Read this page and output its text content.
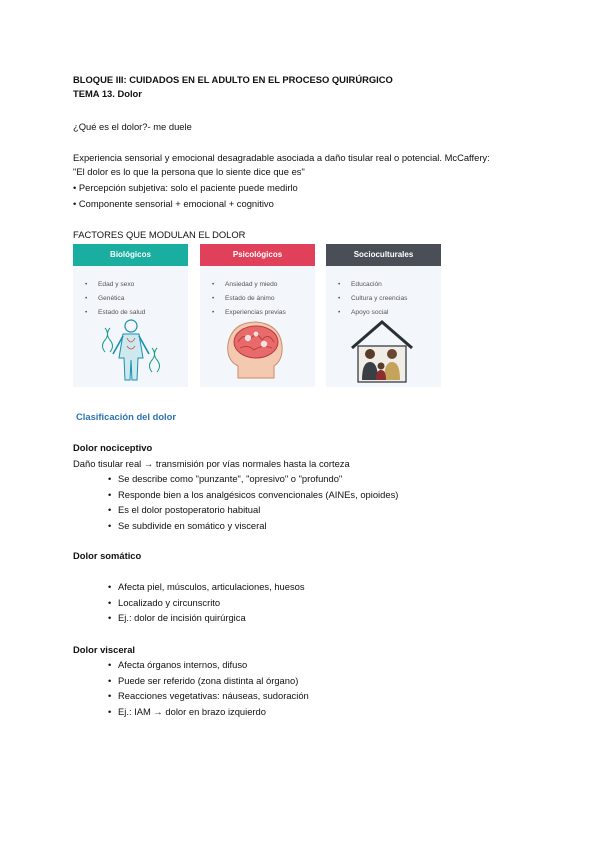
BLOQUE III: CUIDADOS EN EL ADULTO EN EL PROCESO QUIRÚRGICO
TEMA 13. Dolor
¿Qué es el dolor?- me duele
Experiencia sensorial y emocional desagradable asociada a daño tisular real o potencial. McCaffery:
"El dolor es lo que la persona que lo siente dice que es"
• Percepción subjetiva: solo el paciente puede medirlo
• Componente sensorial + emocional + cognitivo
FACTORES QUE MODULAN EL DOLOR
Biológicos
• Edad y sexo
• Genética
• Estado de salud
Psicológicos
• Ansiedad y miedo
• Estado de ánimo
• Experiencias previas
Socioculturales
• Educación
• Cultura y creencias
• Apoyo social
Clasificación del dolor
Dolor nociceptivo
Daño tisular real → transmisión por vías normales hasta la corteza
• Se describe como "punzante", "opresivo" o "profundo"
• Responde bien a los analgésicos convencionales (AINEs, opioides)
• Es el dolor postoperatorio habitual
• Se subdivide en somático y visceral
Dolor somático
• Afecta piel, músculos, articulaciones, huesos
• Localizado y circunscrito
• Ej.: dolor de incisión quirúrgica
Dolor visceral
• Afecta órganos internos, difuso
• Puede ser referido (zona distinta al órgano)
• Reacciones vegetativas: náuseas, sudoración
• Ej.: IAM → dolor en brazo izquierdo
